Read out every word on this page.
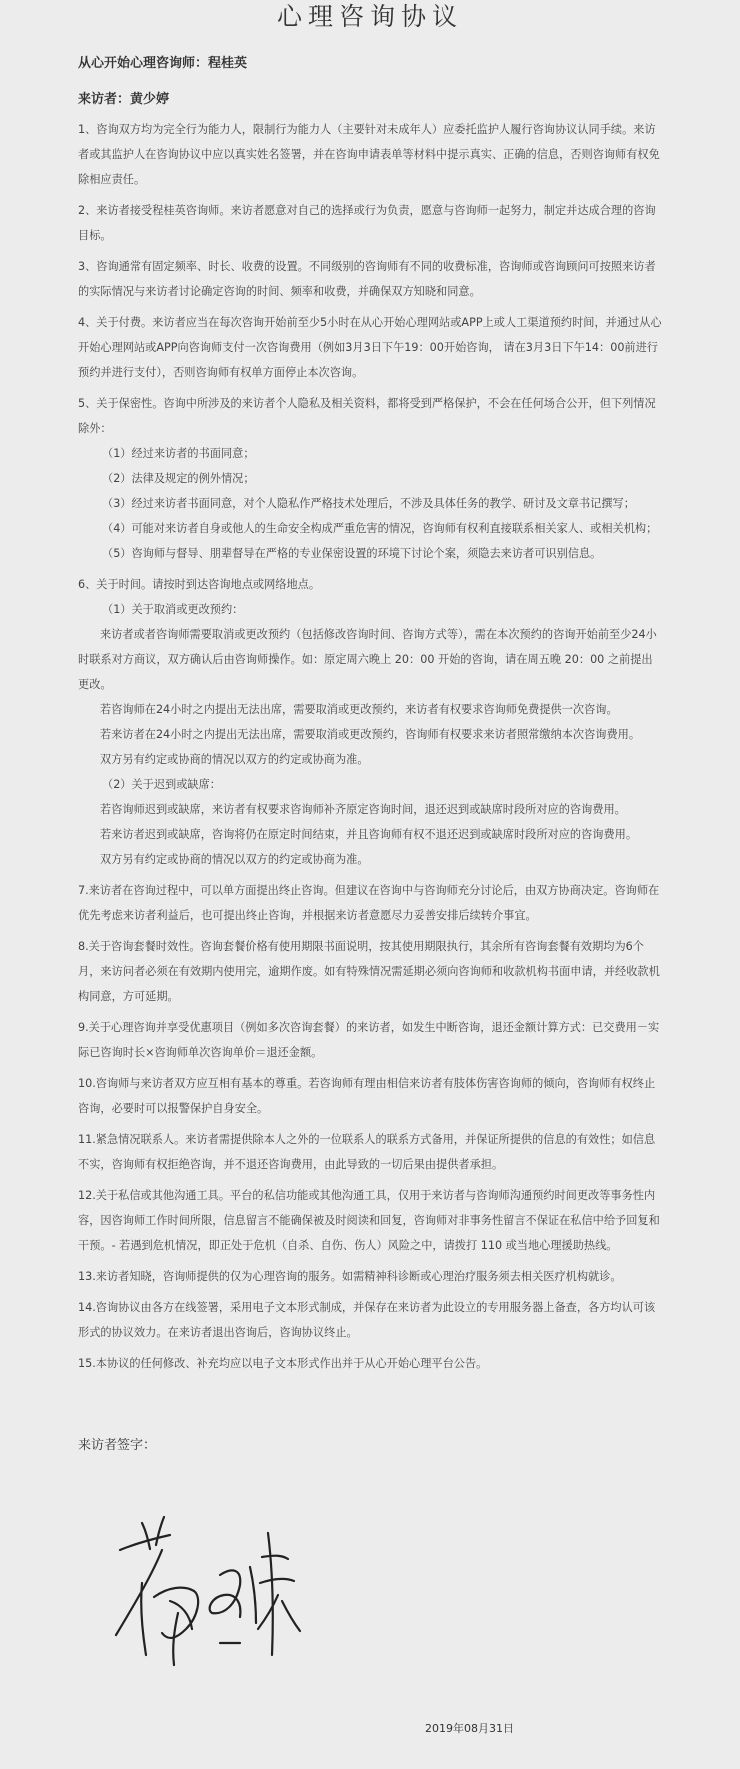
心理咨询协议
从心开始心理咨询师：程桂英
来访者：黄少婷

1、咨询双方均为完全行为能力人，限制行为能力人（主要针对未成年人）应委托监护人履行咨询协议认同手续。来访者或其监护人在咨询协议中应以真实姓名签署，并在咨询申请表单等材料中提示真实、正确的信息，否则咨询师有权免除相应责任。

2、来访者接受程桂英咨询师。来访者愿意对自己的选择或行为负责，愿意与咨询师一起努力，制定并达成合理的咨询目标。

3、咨询通常有固定频率、时长、收费的设置。不同级别的咨询师有不同的收费标准，咨询师或咨询顾问可按照来访者的实际情况与来访者讨论确定咨询的时间、频率和收费，并确保双方知晓和同意。

4、关于付费。来访者应当在每次咨询开始前至少5小时在从心开始心理网站或APP上或人工渠道预约时间，并通过从心开始心理网站或APP向咨询师支付一次咨询费用（例如3月3日下午19：00开始咨询， 请在3月3日下午14：00前进行预约并进行支付），否则咨询师有权单方面停止本次咨询。

5、关于保密性。咨询中所涉及的来访者个人隐私及相关资料，都将受到严格保护，不会在任何场合公开，但下列情况除外：

（1）经过来访者的书面同意；

（2）法律及规定的例外情况；

（3）经过来访者书面同意，对个人隐私作严格技术处理后，不涉及具体任务的教学、研讨及文章书记撰写；

（4）可能对来访者自身或他人的生命安全构成严重危害的情况，咨询师有权利直接联系相关家人、或相关机构；

（5）咨询师与督导、朋辈督导在严格的专业保密设置的环境下讨论个案，须隐去来访者可识别信息。

6、关于时间。请按时到达咨询地点或网络地点。

（1）关于取消或更改预约：

来访者或者咨询师需要取消或更改预约（包括修改咨询时间、咨询方式等），需在本次预约的咨询开始前至少24小时联系对方商议，双方确认后由咨询师操作。如：原定周六晚上 20：00 开始的咨询，请在周五晚 20：00 之前提出更改。

若咨询师在24小时之内提出无法出席，需要取消或更改预约，来访者有权要求咨询师免费提供一次咨询。

若来访者在24小时之内提出无法出席，需要取消或更改预约，咨询师有权要求来访者照常缴纳本次咨询费用。

双方另有约定或协商的情况以双方的约定或协商为准。

（2）关于迟到或缺席：

若咨询师迟到或缺席，来访者有权要求咨询师补齐原定咨询时间，退还迟到或缺席时段所对应的咨询费用。

若来访者迟到或缺席，咨询将仍在原定时间结束，并且咨询师有权不退还迟到或缺席时段所对应的咨询费用。

双方另有约定或协商的情况以双方的约定或协商为准。

7.来访者在咨询过程中，可以单方面提出终止咨询。但建议在咨询中与咨询师充分讨论后，由双方协商决定。咨询师在优先考虑来访者利益后，也可提出终止咨询，并根据来访者意愿尽力妥善安排后续转介事宜。

8.关于咨询套餐时效性。咨询套餐价格有使用期限书面说明，按其使用期限执行，其余所有咨询套餐有效期均为6个月，来访问者必须在有效期内使用完，逾期作废。如有特殊情况需延期必须向咨询师和收款机构书面申请，并经收款机构同意，方可延期。

9.关于心理咨询并享受优惠项目（例如多次咨询套餐）的来访者，如发生中断咨询，退还金额计算方式：已交费用－实际已咨询时长×咨询师单次咨询单价＝退还金额。

10.咨询师与来访者双方应互相有基本的尊重。若咨询师有理由相信来访者有肢体伤害咨询师的倾向，咨询师有权终止咨询，必要时可以报警保护自身安全。

11.紧急情况联系人。来访者需提供除本人之外的一位联系人的联系方式备用，并保证所提供的信息的有效性；如信息不实，咨询师有权拒绝咨询，并不退还咨询费用，由此导致的一切后果由提供者承担。

12.关于私信或其他沟通工具。平台的私信功能或其他沟通工具，仅用于来访者与咨询师沟通预约时间更改等事务性内容，因咨询师工作时间所限，信息留言不能确保被及时阅读和回复，咨询师对非事务性留言不保证在私信中给予回复和干预。- 若遇到危机情况，即正处于危机（自杀、自伤、伤人）风险之中，请拨打 110 或当地心理援助热线。

13.来访者知晓，咨询师提供的仅为心理咨询的服务。如需精神科诊断或心理治疗服务须去相关医疗机构就诊。

14.咨询协议由各方在线签署，采用电子文本形式制成，并保存在来访者为此设立的专用服务器上备查，各方均认可该形式的协议效力。在来访者退出咨询后，咨询协议终止。

15.本协议的任何修改、补充均应以电子文本形式作出并于从心开始心理平台公告。

来访者签字：
2019年08月31日
